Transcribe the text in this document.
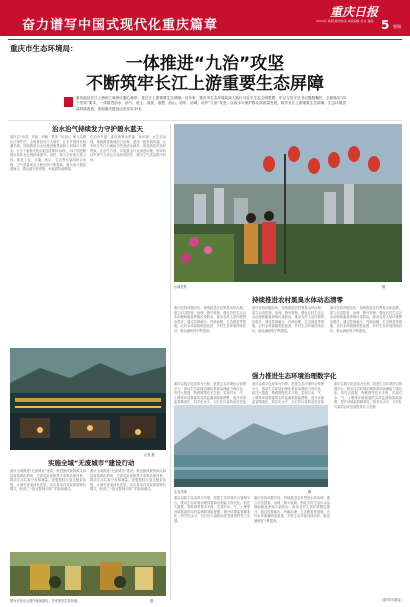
奋力谱写中国式现代化重庆篇章
重庆日报
2024年 星期 新闻热线 本版编辑 校对 美编 5 要闻
重庆市生态环境局：
一体推进“九治”攻坚
不断筑牢长江上游重要生态屏障
重庆地处长江上游和三峡库区腹心地带，是长江上游重要生态屏障。近年来，重庆市生态环境局深入践行习近平生态文明思想，牢记习近平总书记殷殷嘱托，全面落实“四个坚持”要求，一体推进治水、治气、治土、治废、治塑、治山、治岸、治城、治乡“九治”攻坚，以高水平保护推动高质量发展，筑牢长江上游重要生态屏障，生态环境质量持续改善，美丽重庆建设迈出坚实步伐。
治水治气持续发力守护碧水蓝天
重庆以“水清、岸绿、河畅、景美”为目标，深入实施长江保护法，全面推进长江大保护，扎实开展河长制湖长制，持续推进污水处理设施建设和入河排污口整治，长江干流重庆段水质连续保持为Ⅱ类，74个国控断面水质优良比例持续提升。同时，深入打好蓝天保卫战，推进工业、交通、扬尘、生活等污染源综合治理，空气质量优良天数比例不断提高，重污染天数显著减少，群众蓝天获得感、幸福感持续增强。
在治水方面，重庆统筹水资源、水环境、水生态治理，系统推进流域综合治理，建成一批美丽河湖，让市民在家门口就能享受到清水绿岸、鱼翔浅底的美好景致。在治气方面，实施重点行业深度治理，推动机动车尾气与扬尘污染协同防控，城市空气质量稳中向好。
记者 摄
实施全域“无废城市”建设行动
重庆全域推进“无废城市”建设，推进固体废物源头减量和资源化利用，完善危险废物集中收集处理体系，推动生活垃圾分类和减量，加强塑料污染全链条治理，让城市更加绿色宜居。各区县结合实际探索特色模式，形成了一批可复制可推广的经验做法。
重庆全域推进“无废城市”建设，推进固体废物源头减量和资源化利用，完善危险废物集中收集处理体系，推动生活垃圾分类和减量，加强塑料污染全链条治理，让城市更加绿色宜居。各区县结合实际探索特色模式，形成了一批可复制可推广的经验做法。
图为市民在公园内休闲游玩，享受美好生态环境。	摄
山城美景	摄
持续推进农村黑臭水体动态清零
重庆坚持问题导向，持续推进农村黑臭水体治理，建立动态排查、治理、销号机制，强化农村生活污水治理和畜禽养殖污染防治，推动农村人居环境整治提升。通过控源截污、内源治理、生态修复等措施，农村水体面貌明显改善，乡村生态环境持续向好，群众满意度不断提高。
重庆坚持问题导向，持续推进农村黑臭水体治理，建立动态排查、治理、销号机制，强化农村生活污水治理和畜禽养殖污染防治，推动农村人居环境整治提升。通过控源截污、内源治理、生态修复等措施，农村水体面貌明显改善，乡村生态环境持续向好，群众满意度不断提高。
重庆坚持问题导向，持续推进农村黑臭水体治理，建立动态排查、治理、销号机制，强化农村生活污水治理和畜禽养殖污染防治，推动农村人居环境整治提升。通过控源截污、内源治理、生态修复等措施，农村水体面貌明显改善，乡村生态环境持续向好，群众满意度不断提高。
强力推进生态环境治理数字化
重庆以数字化改革为引领，搭建生态环境综合管理平台，推动生态环境治理体系和治理能力现代化。依托大数据、物联网等技术手段，实现对水、气、土壤等环境要素的实时监测和智能预警，提升环境监管精准化、科学化水平，为打好污染防治攻坚战
重庆以数字化改革为引领，搭建生态环境综合管理平台，推动生态环境治理体系和治理能力现代化。依托大数据、物联网等技术手段，实现对水、气、土壤等环境要素的实时监测和智能预警，提升环境监管精准化、科学化水平，为打好污染防治攻坚战
生态岸线	摄
重庆以数字化改革为引领，搭建生态环境综合管理平台，推动生态环境治理体系和治理能力现代化。依托大数据、物联网等技术手段，实现对水、气、土壤等环境要素的实时监测和智能预警，提升环境监管精准化、科学化水平，为打好污染防治攻坚战提供有力支撑。
重庆以数字化改革为引领，搭建生态环境综合管理平台，推动生态环境治理体系和治理能力现代化。依托大数据、物联网等技术手段，实现对水、气、土壤等环境要素的实时监测和智能预警，提升环境监管精准化、科学化水平，为打好污染防治攻坚战提供有力支撑。
重庆坚持问题导向，持续推进农村黑臭水体治理，建立动态排查、治理、销号机制，强化农村生活污水治理和畜禽养殖污染防治，推动农村人居环境整治提升。通过控源截污、内源治理、生态修复等措施，农村水体面貌明显改善，乡村生态环境持续向好，群众满意度不断提高。
（据市环境局）
